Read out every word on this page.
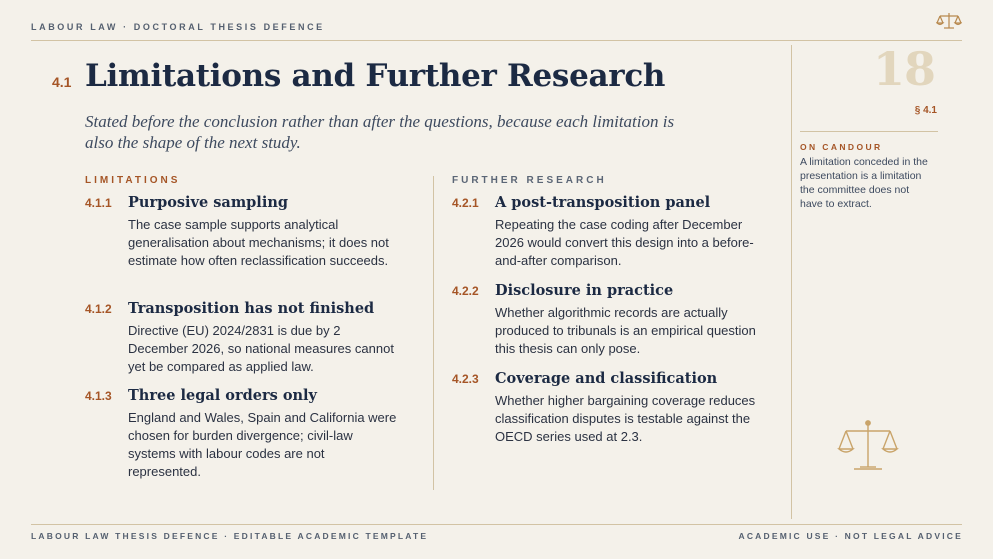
LABOUR LAW · DOCTORAL THESIS DEFENCE
4.1 Limitations and Further Research
Stated before the conclusion rather than after the questions, because each limitation is also the shape of the next study.
LIMITATIONS
4.1.1 Purposive sampling
The case sample supports analytical generalisation about mechanisms; it does not estimate how often reclassification succeeds.
4.1.2 Transposition has not finished
Directive (EU) 2024/2831 is due by 2 December 2026, so national measures cannot yet be compared as applied law.
4.1.3 Three legal orders only
England and Wales, Spain and California were chosen for burden divergence; civil-law systems with labour codes are not represented.
FURTHER RESEARCH
4.2.1 A post-transposition panel
Repeating the case coding after December 2026 would convert this design into a before-and-after comparison.
4.2.2 Disclosure in practice
Whether algorithmic records are actually produced to tribunals is an empirical question this thesis can only pose.
4.2.3 Coverage and classification
Whether higher bargaining coverage reduces classification disputes is testable against the OECD series used at 2.3.
18
§ 4.1
ON CANDOUR
A limitation conceded in the presentation is a limitation the committee does not have to extract.
LABOUR LAW THESIS DEFENCE · EDITABLE ACADEMIC TEMPLATE	ACADEMIC USE · NOT LEGAL ADVICE
